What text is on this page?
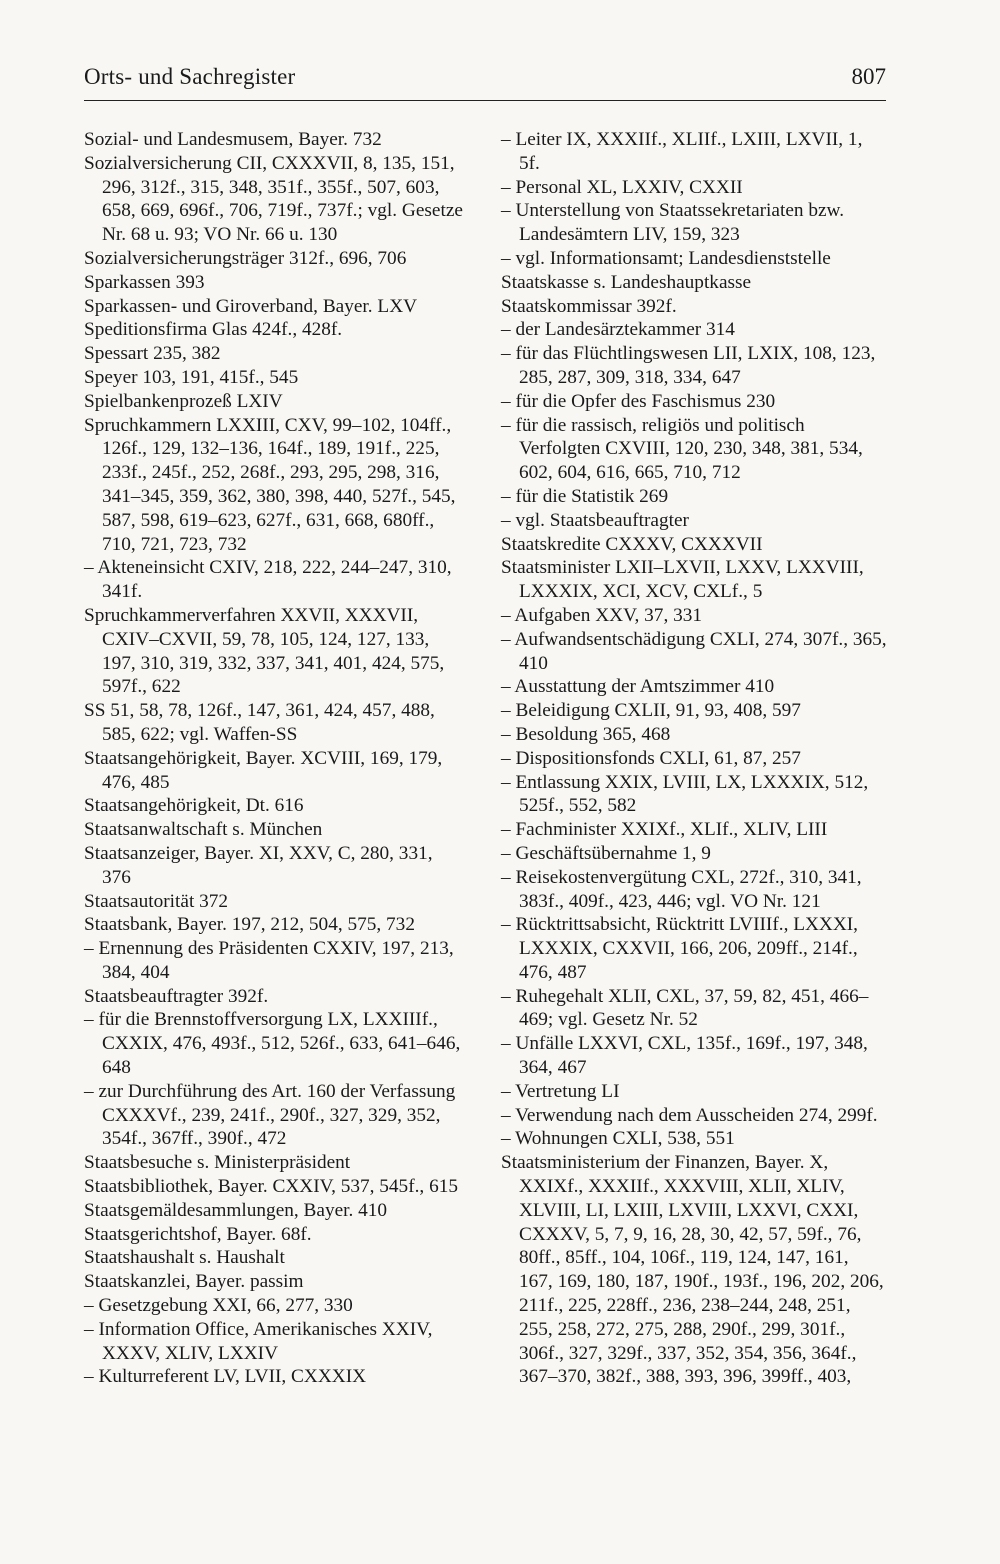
Orts- und Sachregister	807

Sozial- und Landesmusem, Bayer. 732

Sozialversicherung CII, CXXXVII, 8, 135, 151, 296, 312f., 315, 348, 351f., 355f., 507, 603, 658, 669, 696f., 706, 719f., 737f.; vgl. Gesetze Nr. 68 u. 93; VO Nr. 66 u. 130

Sozialversicherungsträger 312f., 696, 706

Sparkassen 393

Sparkassen- und Giroverband, Bayer. LXV

Speditionsfirma Glas 424f., 428f.

Spessart 235, 382

Speyer 103, 191, 415f., 545

Spielbankenprozeß LXIV

Spruchkammern LXXIII, CXV, 99–102, 104ff., 126f., 129, 132–136, 164f., 189, 191f., 225, 233f., 245f., 252, 268f., 293, 295, 298, 316, 341–345, 359, 362, 380, 398, 440, 527f., 545, 587, 598, 619–623, 627f., 631, 668, 680ff., 710, 721, 723, 732

– Akteneinsicht CXIV, 218, 222, 244–247, 310, 341f.

Spruchkammerverfahren XXVII, XXXVII, CXIV–CXVII, 59, 78, 105, 124, 127, 133, 197, 310, 319, 332, 337, 341, 401, 424, 575, 597f., 622

SS 51, 58, 78, 126f., 147, 361, 424, 457, 488, 585, 622; vgl. Waffen-SS

Staatsangehörigkeit, Bayer. XCVIII, 169, 179, 476, 485

Staatsangehörigkeit, Dt. 616

Staatsanwaltschaft s. München

Staatsanzeiger, Bayer. XI, XXV, C, 280, 331, 376

Staatsautorität 372

Staatsbank, Bayer. 197, 212, 504, 575, 732

– Ernennung des Präsidenten CXXIV, 197, 213, 384, 404

Staatsbeauftragter 392f.

– für die Brennstoffversorgung LX, LXXIIIf., CXXIX, 476, 493f., 512, 526f., 633, 641–646, 648

– zur Durchführung des Art. 160 der Verfassung CXXXVf., 239, 241f., 290f., 327, 329, 352, 354f., 367ff., 390f., 472

Staatsbesuche s. Ministerpräsident

Staatsbibliothek, Bayer. CXXIV, 537, 545f., 615

Staatsgemäldesammlungen, Bayer. 410

Staatsgerichtshof, Bayer. 68f.

Staatshaushalt s. Haushalt

Staatskanzlei, Bayer. passim

– Gesetzgebung XXI, 66, 277, 330

– Information Office, Amerikanisches XXIV, XXXV, XLIV, LXXIV

– Kulturreferent LV, LVII, CXXXIX

– Leiter IX, XXXIIf., XLIIf., LXIII, LXVII, 1, 5f.

– Personal XL, LXXIV, CXXII

– Unterstellung von Staatssekretariaten bzw. Landesämtern LIV, 159, 323

– vgl. Informationsamt; Landesdienststelle

Staatskasse s. Landeshauptkasse

Staatskommissar 392f.

– der Landesärztekammer 314

– für das Flüchtlingswesen LII, LXIX, 108, 123, 285, 287, 309, 318, 334, 647

– für die Opfer des Faschismus 230

– für die rassisch, religiös und politisch Verfolgten CXVIII, 120, 230, 348, 381, 534, 602, 604, 616, 665, 710, 712

– für die Statistik 269

– vgl. Staatsbeauftragter

Staatskredite CXXXV, CXXXVII

Staatsminister LXII–LXVII, LXXV, LXXVIII, LXXXIX, XCI, XCV, CXLf., 5

– Aufgaben XXV, 37, 331

– Aufwandsentschädigung CXLI, 274, 307f., 365, 410

– Ausstattung der Amtszimmer 410

– Beleidigung CXLII, 91, 93, 408, 597

– Besoldung 365, 468

– Dispositionsfonds CXLI, 61, 87, 257

– Entlassung XXIX, LVIII, LX, LXXXIX, 512, 525f., 552, 582

– Fachminister XXIXf., XLIf., XLIV, LIII

– Geschäftsübernahme 1, 9

– Reisekostenvergütung CXL, 272f., 310, 341, 383f., 409f., 423, 446; vgl. VO Nr. 121

– Rücktrittsabsicht, Rücktritt LVIIIf., LXXXI, LXXXIX, CXXVII, 166, 206, 209ff., 214f., 476, 487

– Ruhegehalt XLII, CXL, 37, 59, 82, 451, 466–469; vgl. Gesetz Nr. 52

– Unfälle LXXVI, CXL, 135f., 169f., 197, 348, 364, 467

– Vertretung LI

– Verwendung nach dem Ausscheiden 274, 299f.

– Wohnungen CXLI, 538, 551

Staatsministerium der Finanzen, Bayer. X, XXIXf., XXXIIf., XXXVIII, XLII, XLIV, XLVIII, LI, LXIII, LXVIII, LXXVI, CXXI, CXXXV, 5, 7, 9, 16, 28, 30, 42, 57, 59f., 76, 80ff., 85ff., 104, 106f., 119, 124, 147, 161, 167, 169, 180, 187, 190f., 193f., 196, 202, 206, 211f., 225, 228ff., 236, 238–244, 248, 251, 255, 258, 272, 275, 288, 290f., 299, 301f., 306f., 327, 329f., 337, 352, 354, 356, 364f., 367–370, 382f., 388, 393, 396, 399ff., 403,
